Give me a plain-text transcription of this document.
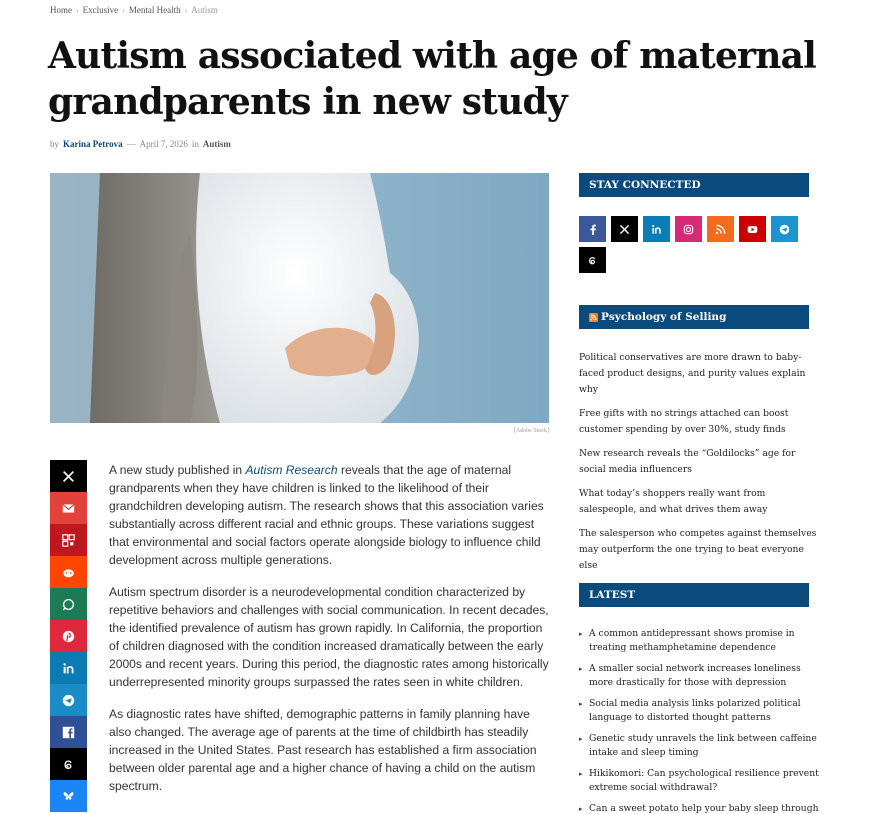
Home › Exclusive › Mental Health › Autism
Autism associated with age of maternal grandparents in new study
by Karina Petrova — April 7, 2026 in Autism
[Adobe Stock]

A new study published in Autism Research reveals that the age of maternal grandparents when they have children is linked to the likelihood of their grandchildren developing autism. The research shows that this association varies substantially across different racial and ethnic groups. These variations suggest that environmental and social factors operate alongside biology to influence child development across multiple generations.

Autism spectrum disorder is a neurodevelopmental condition characterized by repetitive behaviors and challenges with social communication. In recent decades, the identified prevalence of autism has grown rapidly. In California, the proportion of children diagnosed with the condition increased dramatically between the early 2000s and recent years. During this period, the diagnostic rates among historically underrepresented minority groups surpassed the rates seen in white children.

As diagnostic rates have shifted, demographic patterns in family planning have also changed. The average age of parents at the time of childbirth has steadily increased in the United States. Past research has established a firm association between older parental age and a higher chance of having a child on the autism spectrum.

STAY CONNECTED
Psychology of Selling
Political conservatives are more drawn to baby-faced product designs, and purity values explain why
Free gifts with no strings attached can boost customer spending by over 30%, study finds
New research reveals the “Goldilocks” age for social media influencers
What today’s shoppers really want from salespeople, and what drives them away
The salesperson who competes against themselves may outperform the one trying to beat everyone else
LATEST
▸ A common antidepressant shows promise in treating methamphetamine dependence
▸ A smaller social network increases loneliness more drastically for those with depression
▸ Social media analysis links polarized political language to distorted thought patterns
▸ Genetic study unravels the link between caffeine intake and sleep timing
▸ Hikikomori: Can psychological resilience prevent extreme social withdrawal?
▸ Can a sweet potato help your baby sleep through
